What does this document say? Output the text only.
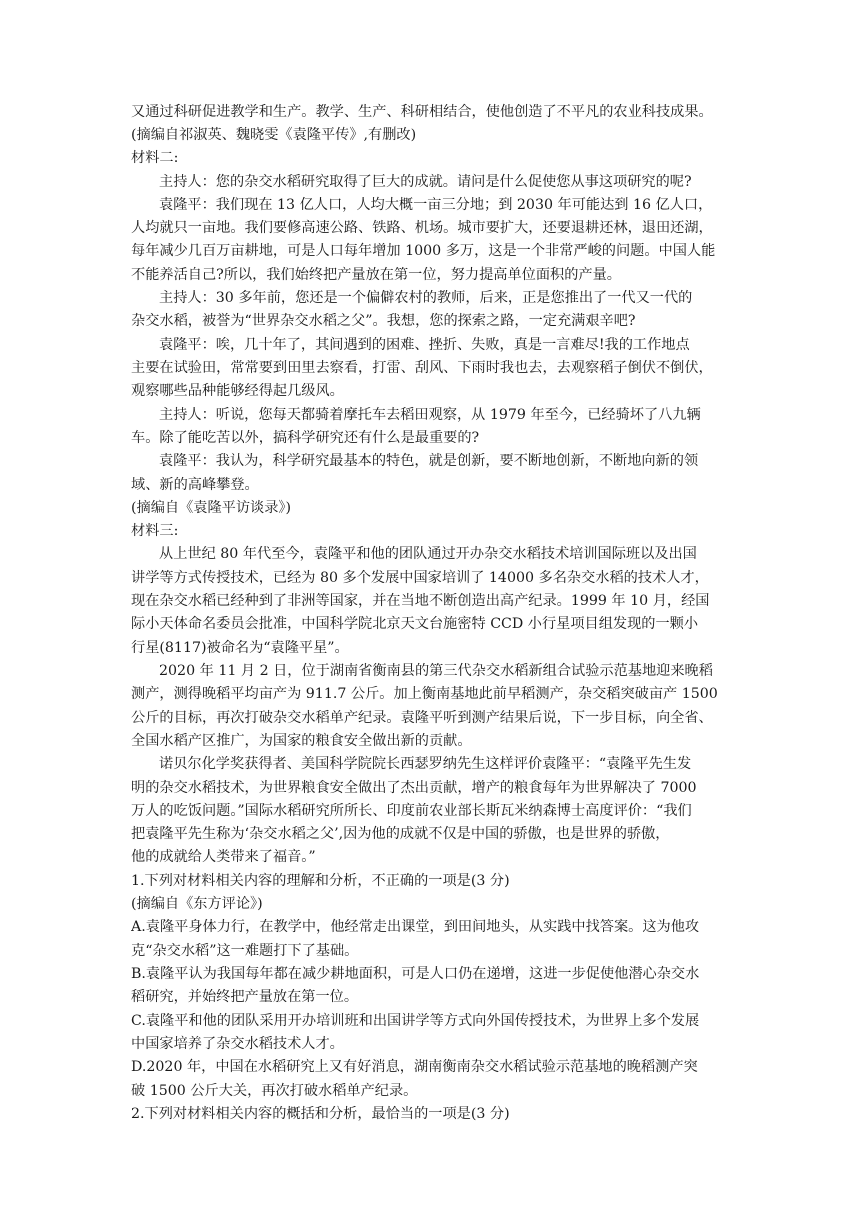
又通过科研促进教学和生产。教学、生产、科研相结合，使他创造了不平凡的农业科技成果。
(摘编自祁淑英、魏晓雯《袁隆平传》,有删改)
材料二:
主持人：您的杂交水稻研究取得了巨大的成就。请问是什么促使您从事这项研究的呢?
袁隆平：我们现在 13 亿人口，人均大概一亩三分地；到 2030 年可能达到 16 亿人口，
人均就只一亩地。我们要修高速公路、铁路、机场。城市要扩大，还要退耕还林，退田还湖，
每年减少几百万亩耕地，可是人口每年增加 1000 多万，这是一个非常严峻的问题。中国人能
不能养活自己?所以，我们始终把产量放在第一位，努力提高单位面积的产量。
主持人：30 多年前，您还是一个偏僻农村的教师，后来，正是您推出了一代又一代的
杂交水稻，被誉为“世界杂交水稻之父”。我想，您的探索之路，一定充满艰辛吧?
袁隆平：唉，几十年了，其间遇到的困难、挫折、失败，真是一言难尽!我的工作地点
主要在试验田，常常要到田里去察看，打雷、刮风、下雨时我也去，去观察稻子倒伏不倒伏，
观察哪些品种能够经得起几级风。
主持人：听说，您每天都骑着摩托车去稻田观察，从 1979 年至今，已经骑坏了八九辆
车。除了能吃苦以外，搞科学研究还有什么是最重要的?
袁隆平：我认为，科学研究最基本的特色，就是创新，要不断地创新，不断地向新的领
域、新的高峰攀登。
(摘编自《袁隆平访谈录》)
材料三:
从上世纪 80 年代至今，袁隆平和他的团队通过开办杂交水稻技术培训国际班以及出国
讲学等方式传授技术，已经为 80 多个发展中国家培训了 14000 多名杂交水稻的技术人才，
现在杂交水稻已经种到了非洲等国家，并在当地不断创造出高产纪录。1999 年 10 月，经国
际小天体命名委员会批准，中国科学院北京天文台施密特 CCD 小行星项目组发现的一颗小
行星(8117)被命名为“袁隆平星”。
2020 年 11 月 2 日，位于湖南省衡南县的第三代杂交水稻新组合试验示范基地迎来晚稻
测产，测得晚稻平均亩产为 911.7 公斤。加上衡南基地此前早稻测产，杂交稻突破亩产 1500
公斤的目标，再次打破杂交水稻单产纪录。袁隆平听到测产结果后说，下一步目标，向全省、
全国水稻产区推广，为国家的粮食安全做出新的贡献。
诺贝尔化学奖获得者、美国科学院院长西瑟罗纳先生这样评价袁隆平：“袁隆平先生发
明的杂交水稻技术，为世界粮食安全做出了杰出贡献，增产的粮食每年为世界解决了 7000
万人的吃饭问题。”国际水稻研究所所长、印度前农业部长斯瓦米纳森博士高度评价：“我们
把袁隆平先生称为‘杂交水稻之父’,因为他的成就不仅是中国的骄傲，也是世界的骄傲，
他的成就给人类带来了福音。”
1.下列对材料相关内容的理解和分析，不正确的一项是(3 分)
(摘编自《东方评论》)
A.袁隆平身体力行，在教学中，他经常走出课堂，到田间地头，从实践中找答案。这为他攻
克“杂交水稻”这一难题打下了基础。
B.袁隆平认为我国每年都在减少耕地面积，可是人口仍在递增，这进一步促使他潜心杂交水
稻研究，并始终把产量放在第一位。
C.袁隆平和他的团队采用开办培训班和出国讲学等方式向外国传授技术，为世界上多个发展
中国家培养了杂交水稻技术人才。
D.2020 年，中国在水稻研究上又有好消息，湖南衡南杂交水稻试验示范基地的晚稻测产突
破 1500 公斤大关，再次打破水稻单产纪录。
2.下列对材料相关内容的概括和分析，最恰当的一项是(3 分)
